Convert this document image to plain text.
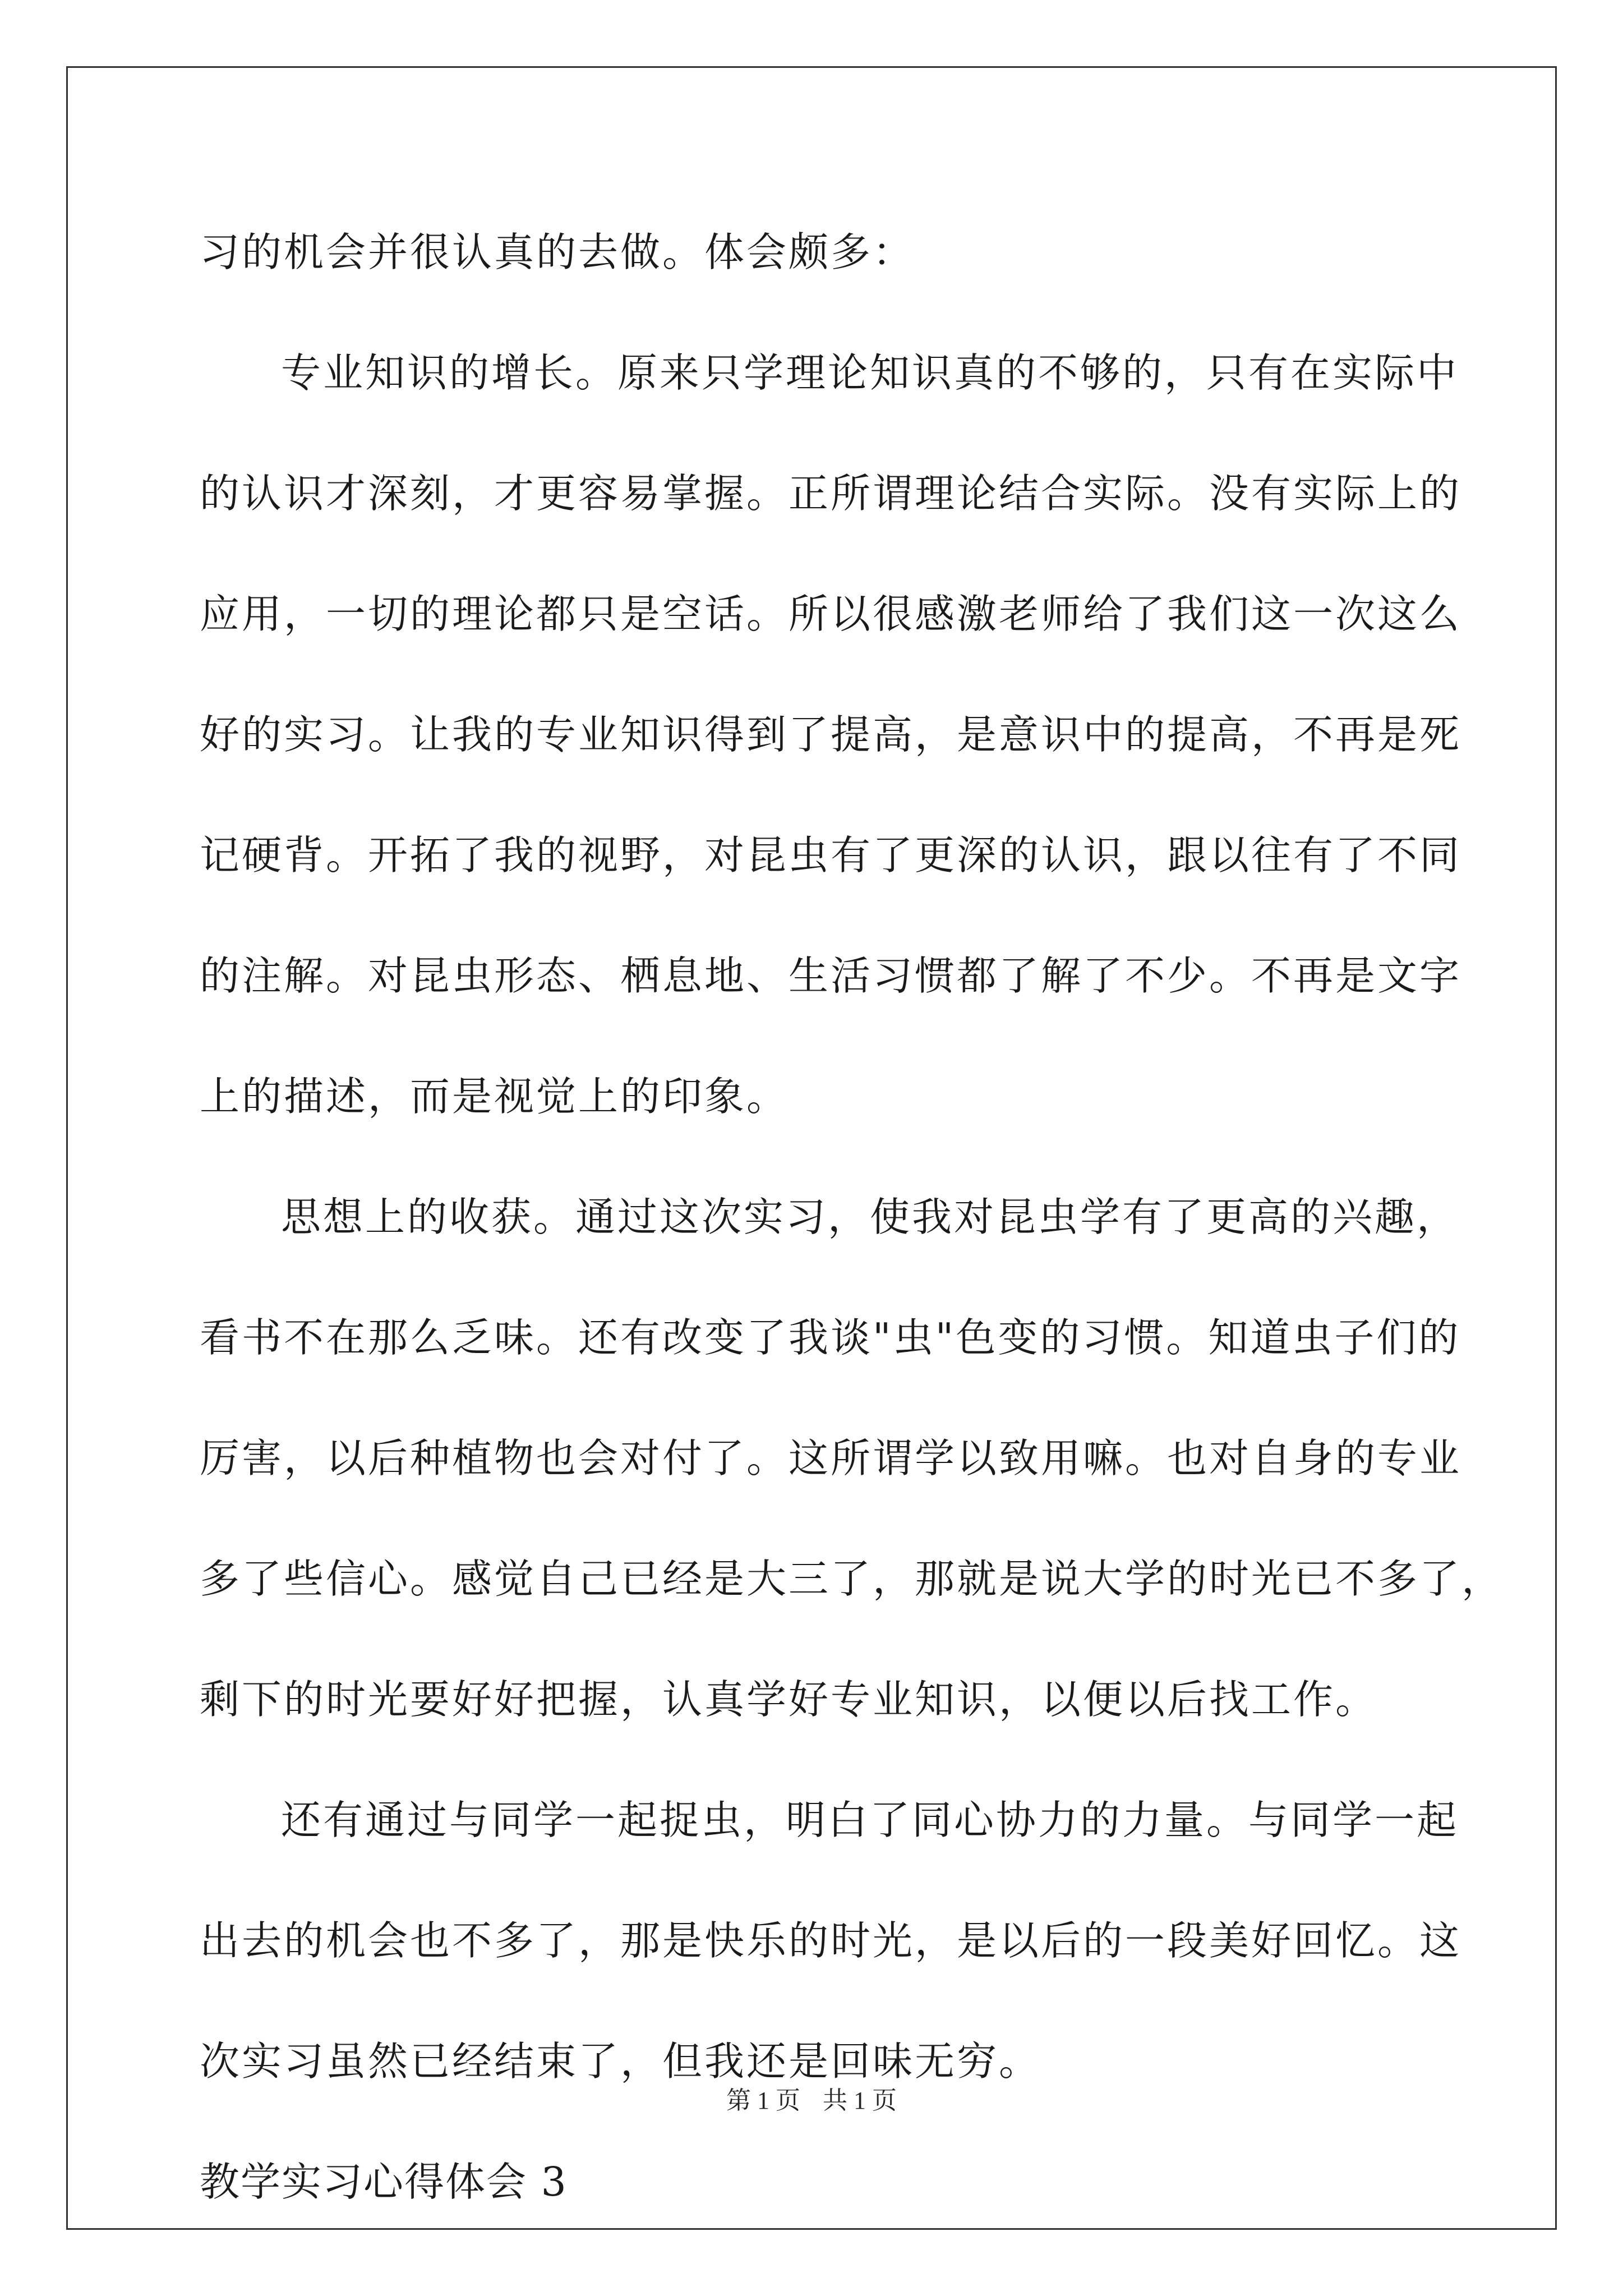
习的机会并很认真的去做。体会颇多：
专业知识的增长。原来只学理论知识真的不够的，只有在实际中
的认识才深刻，才更容易掌握。正所谓理论结合实际。没有实际上的
应用，一切的理论都只是空话。所以很感激老师给了我们这一次这么
好的实习。让我的专业知识得到了提高，是意识中的提高，不再是死
记硬背。开拓了我的视野，对昆虫有了更深的认识，跟以往有了不同
的注解。对昆虫形态、栖息地、生活习惯都了解了不少。不再是文字
上的描述，而是视觉上的印象。
思想上的收获。通过这次实习，使我对昆虫学有了更高的兴趣，
看书不在那么乏味。还有改变了我谈"虫"色变的习惯。知道虫子们的
厉害，以后种植物也会对付了。这所谓学以致用嘛。也对自身的专业
多了些信心。感觉自己已经是大三了，那就是说大学的时光已不多了，
剩下的时光要好好把握，认真学好专业知识，以便以后找工作。
还有通过与同学一起捉虫，明白了同心协力的力量。与同学一起
出去的机会也不多了，那是快乐的时光，是以后的一段美好回忆。这
次实习虽然已经结束了，但我还是回味无穷。
教学实习心得体会 3
第 1 页 共 1 页
